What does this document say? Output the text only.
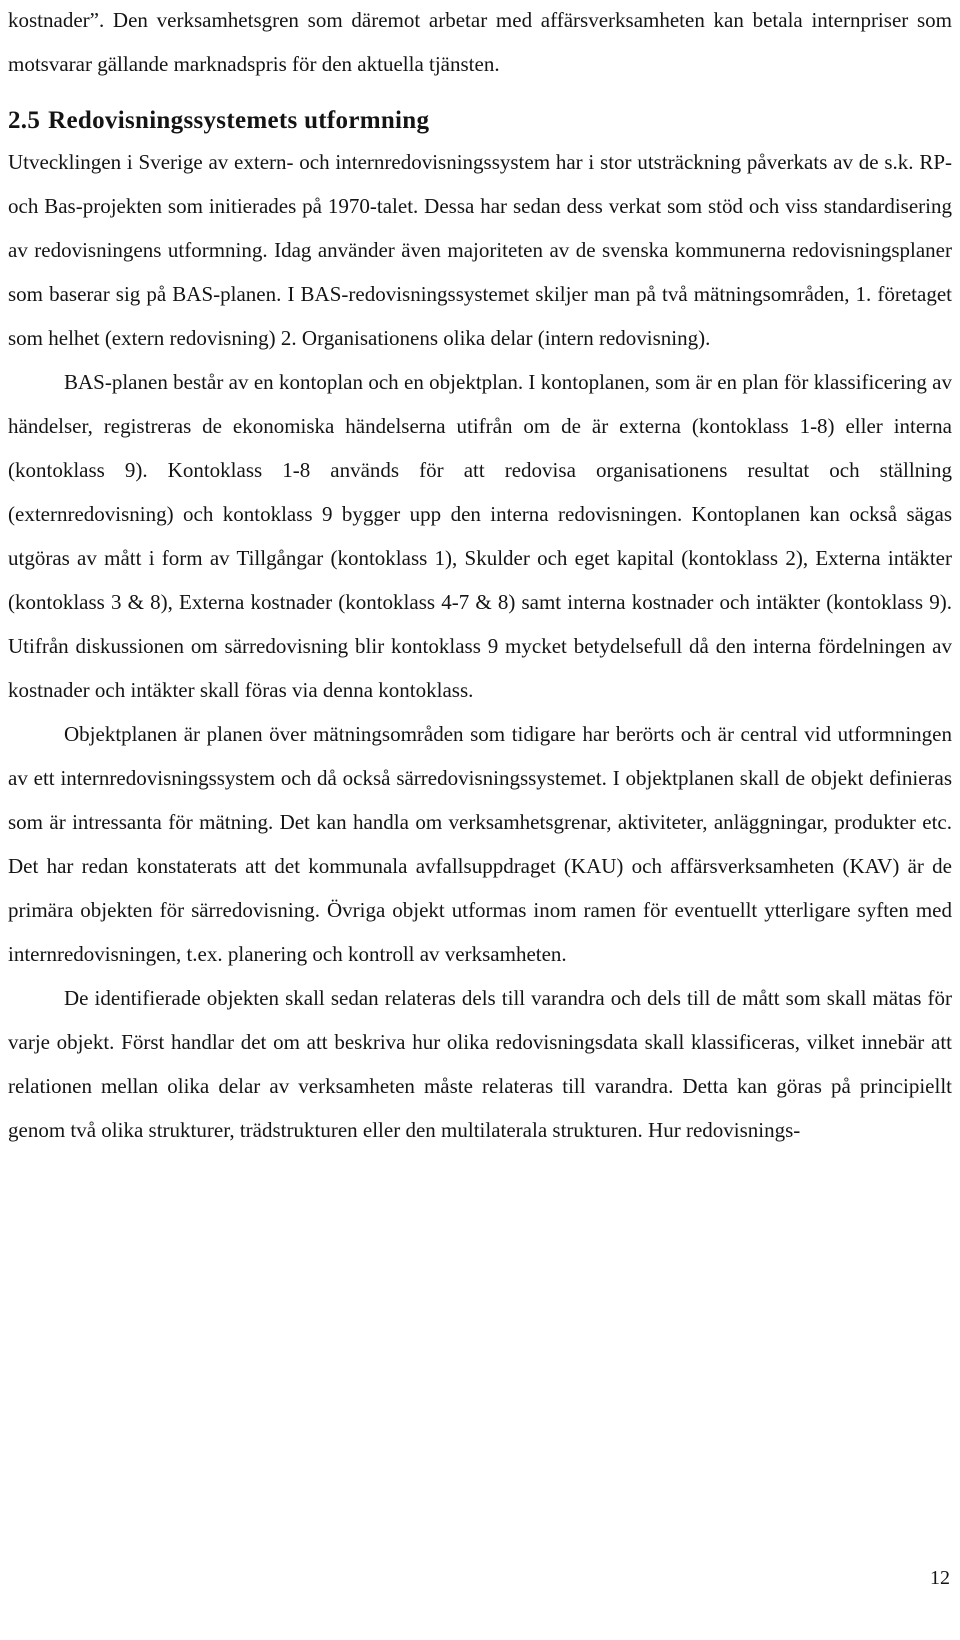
kostnader”. Den verksamhetsgren som däremot arbetar med affärsverksamheten kan betala internpriser som motsvarar gällande marknadspris för den aktuella tjänsten.

2.5 Redovisningssystemets utformning

Utvecklingen i Sverige av extern- och internredovisningssystem har i stor utsträckning påverkats av de s.k. RP- och Bas-projekten som initierades på 1970-talet. Dessa har sedan dess verkat som stöd och viss standardisering av redovisningens utformning. Idag använder även majoriteten av de svenska kommunerna redovisningsplaner som baserar sig på BAS-planen. I BAS-redovisningssystemet skiljer man på två mätningsområden, 1. företaget som helhet (extern redovisning) 2. Organisationens olika delar (intern redovisning).

BAS-planen består av en kontoplan och en objektplan. I kontoplanen, som är en plan för klassificering av händelser, registreras de ekonomiska händelserna utifrån om de är externa (kontoklass 1-8) eller interna (kontoklass 9). Kontoklass 1-8 används för att redovisa organisationens resultat och ställning (externredovisning) och kontoklass 9 bygger upp den interna redovisningen. Kontoplanen kan också sägas utgöras av mått i form av Tillgångar (kontoklass 1), Skulder och eget kapital (kontoklass 2), Externa intäkter (kontoklass 3 & 8), Externa kostnader (kontoklass 4-7 & 8) samt interna kostnader och intäkter (kontoklass 9). Utifrån diskussionen om särredovisning blir kontoklass 9 mycket betydelsefull då den interna fördelningen av kostnader och intäkter skall föras via denna kontoklass.

Objektplanen är planen över mätningsområden som tidigare har berörts och är central vid utformningen av ett internredovisningssystem och då också särredovisningssystemet. I objektplanen skall de objekt definieras som är intressanta för mätning. Det kan handla om verksamhetsgrenar, aktiviteter, anläggningar, produkter etc. Det har redan konstaterats att det kommunala avfallsuppdraget (KAU) och affärsverksamheten (KAV) är de primära objekten för särredovisning. Övriga objekt utformas inom ramen för eventuellt ytterligare syften med internredovisningen, t.ex. planering och kontroll av verksamheten.

De identifierade objekten skall sedan relateras dels till varandra och dels till de mått som skall mätas för varje objekt. Först handlar det om att beskriva hur olika redovisningsdata skall klassificeras, vilket innebär att relationen mellan olika delar av verksamheten måste relateras till varandra. Detta kan göras på principiellt genom två olika strukturer, trädstrukturen eller den multilaterala strukturen. Hur redovisnings-

12
